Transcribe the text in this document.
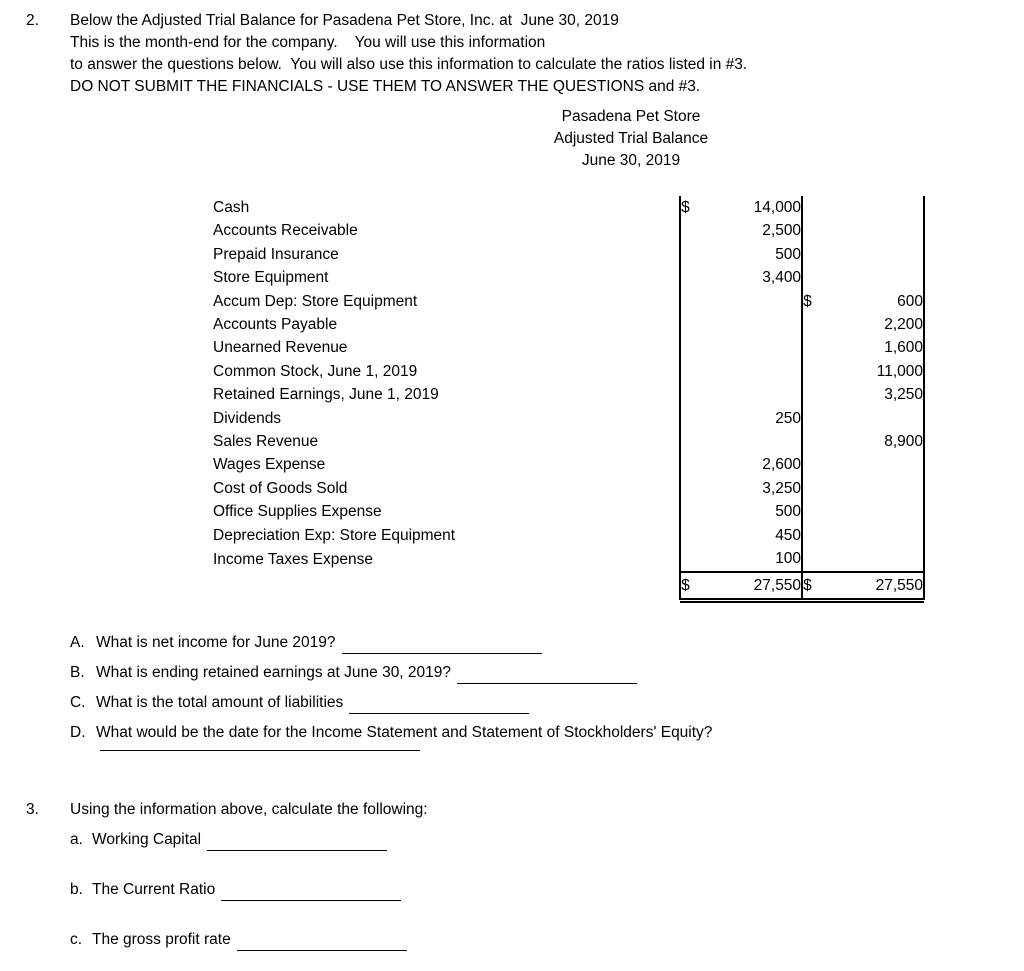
2.	Below the Adjusted Trial Balance for Pasadena Pet Store, Inc. at  June 30, 2019
This is the month-end for the company.    You will use this information
to answer the questions below.  You will also use this information to calculate the ratios listed in #3.
DO NOT SUBMIT THE FINANCIALS - USE THEM TO ANSWER THE QUESTIONS and #3.
Pasadena Pet Store
Adjusted Trial Balance
June 30, 2019
Cash	$	14,000		
Accounts Receivable		2,500		
Prepaid Insurance		500		
Store Equipment		3,400		
Accum Dep: Store Equipment			$	600
Accounts Payable				2,200
Unearned Revenue				1,600
Common Stock, June 1, 2019				11,000
Retained Earnings, June 1, 2019				3,250
Dividends		250		
Sales Revenue				8,900
Wages Expense		2,600		
Cost of Goods Sold		3,250		
Office Supplies Expense		500		
Depreciation Exp: Store Equipment		450		
Income Taxes Expense		100		
	$	27,550	$	27,550
A. What is net income for June 2019?
B. What is ending retained earnings at June 30, 2019?
C. What is the total amount of liabilities
D. What would be the date for the Income Statement and Statement of Stockholders' Equity?
3.	Using the information above, calculate the following:
a. Working Capital
b. The Current Ratio
c. The gross profit rate
